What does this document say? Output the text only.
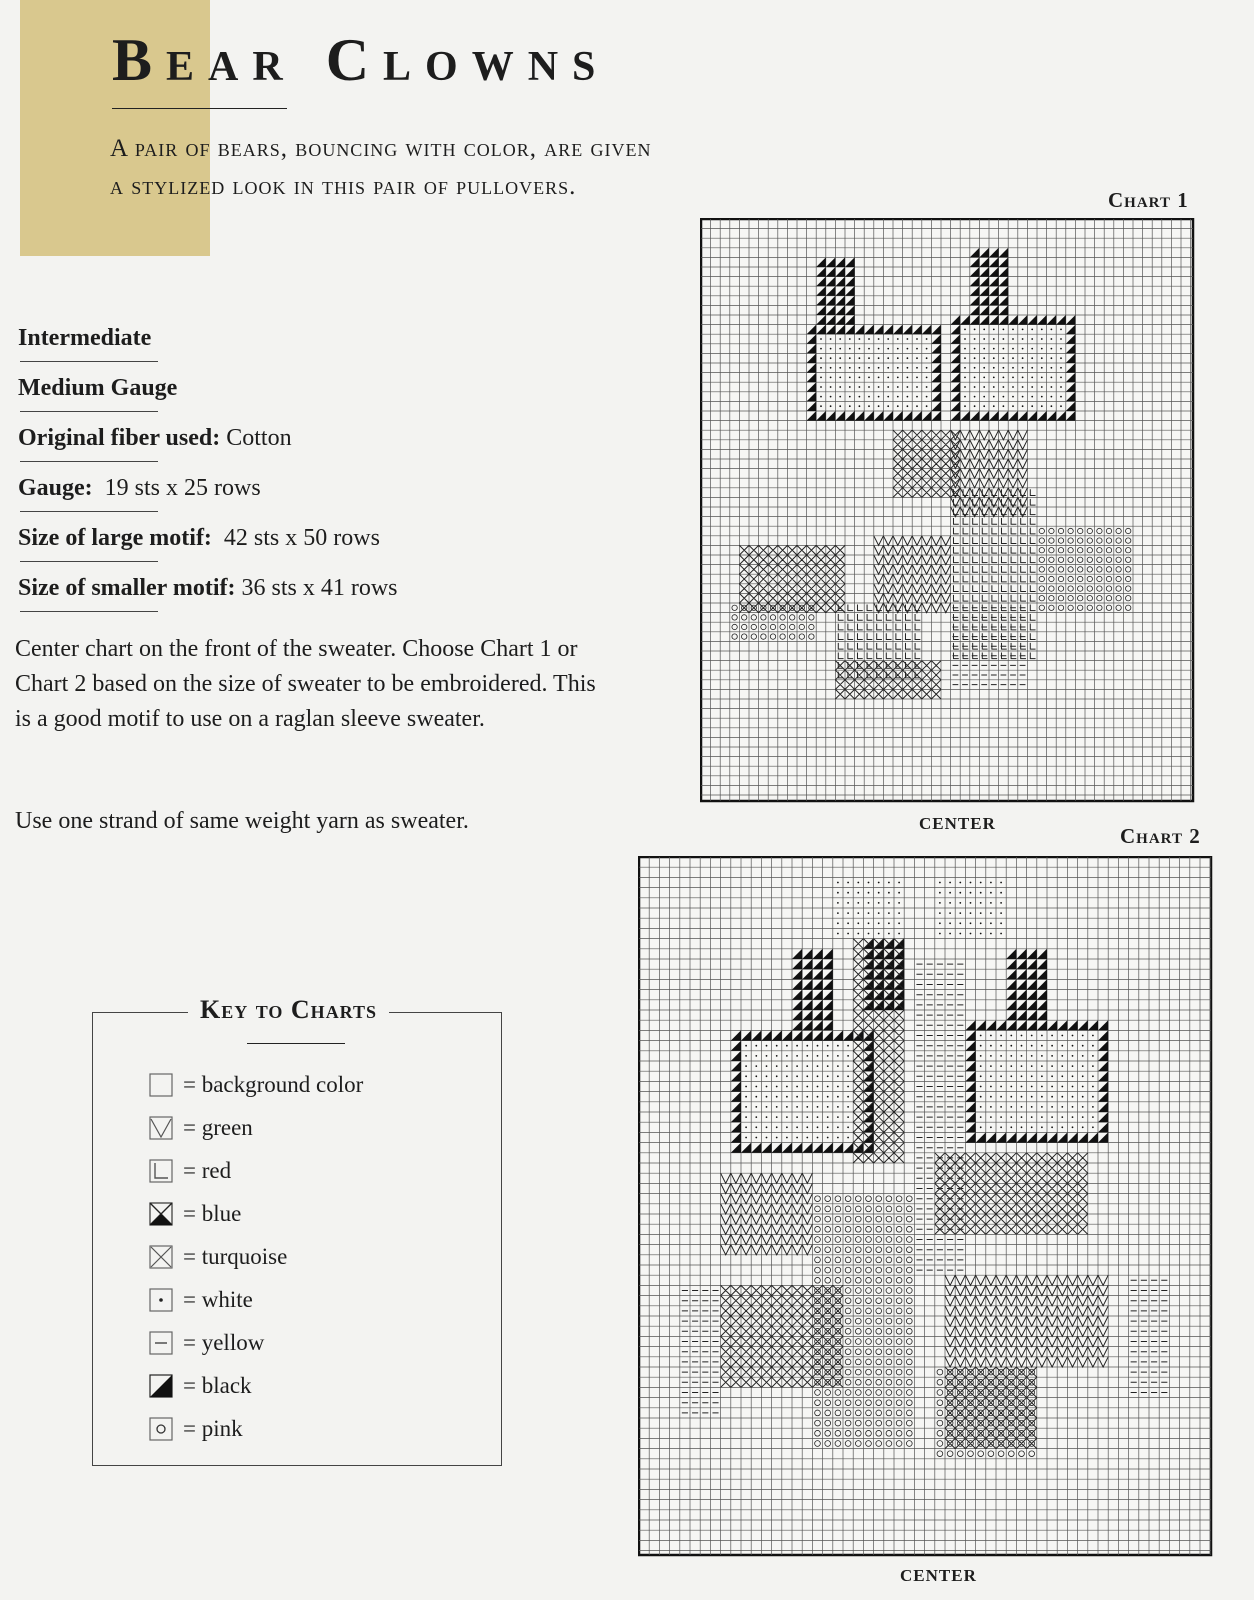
Bear Clowns

A pair of bears, bouncing with color, are given
a stylized look in this pair of pullovers.

Intermediate
Medium Gauge
Original fiber used: Cotton
Gauge: 19 sts x 25 rows
Size of large motif: 42 sts x 50 rows
Size of smaller motif: 36 sts x 41 rows

Center chart on the front of the sweater. Choose Chart 1 or Chart 2 based on the size of sweater to be embroidered. This is a good motif to use on a raglan sleeve sweater.

Use one strand of same weight yarn as sweater.

Key to Charts
= background color
= green
= red
= blue
= turquoise
= white
= yellow
= black
= pink
Chart 1
CENTER
Chart 2
CENTER
